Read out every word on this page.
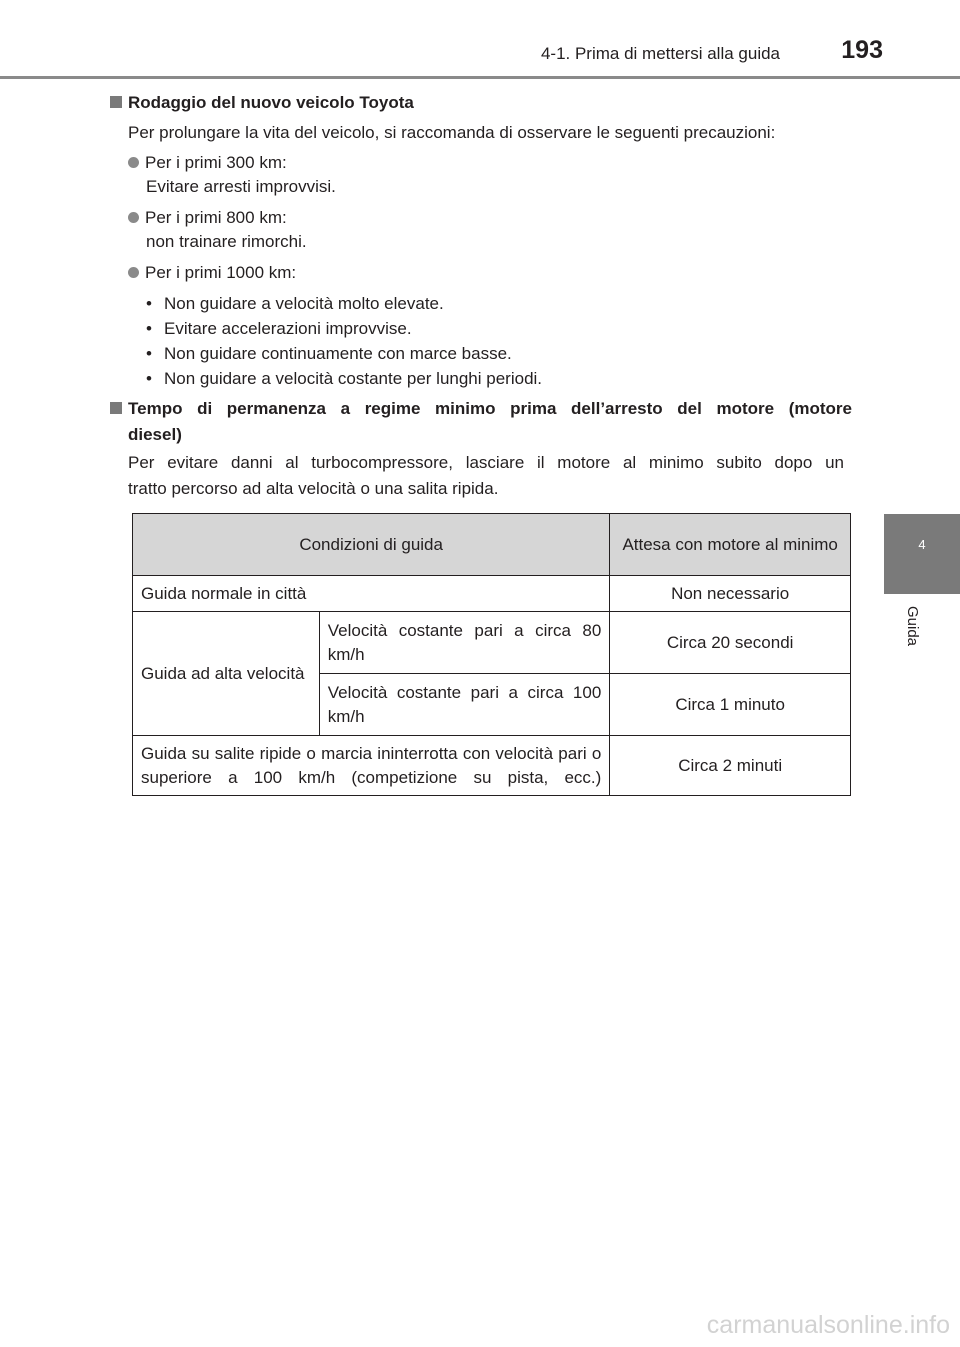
4-1. Prima di mettersi alla guida 193
4
Guida
Rodaggio del nuovo veicolo Toyota
Per prolungare la vita del veicolo, si raccomanda di osservare le seguenti precauzioni:
Per i primi 300 km:
Evitare arresti improvvisi.
Per i primi 800 km:
non trainare rimorchi.
Per i primi 1000 km:
• Non guidare a velocità molto elevate.
• Evitare accelerazioni improvvise.
• Non guidare continuamente con marce basse.
• Non guidare a velocità costante per lunghi periodi.
Tempo di permanenza a regime minimo prima dell’arresto del motore (motore
diesel)
Per evitare danni al turbocompressore, lasciare il motore al minimo subito dopo un
tratto percorso ad alta velocità o una salita ripida.
Condizioni di guida		Attesa con motore al minimo
Guida normale in città		Non necessario
Guida ad alta velocità	Velocità costante pari a circa 80 km/h	Circa 20 secondi
	Velocità costante pari a circa 100 km/h	Circa 1 minuto
Guida su salite ripide o marcia ininterrotta con velocità pari o superiore a 100 km/h (competizione su pista, ecc.)		Circa 2 minuti
carmanualsonline.info
